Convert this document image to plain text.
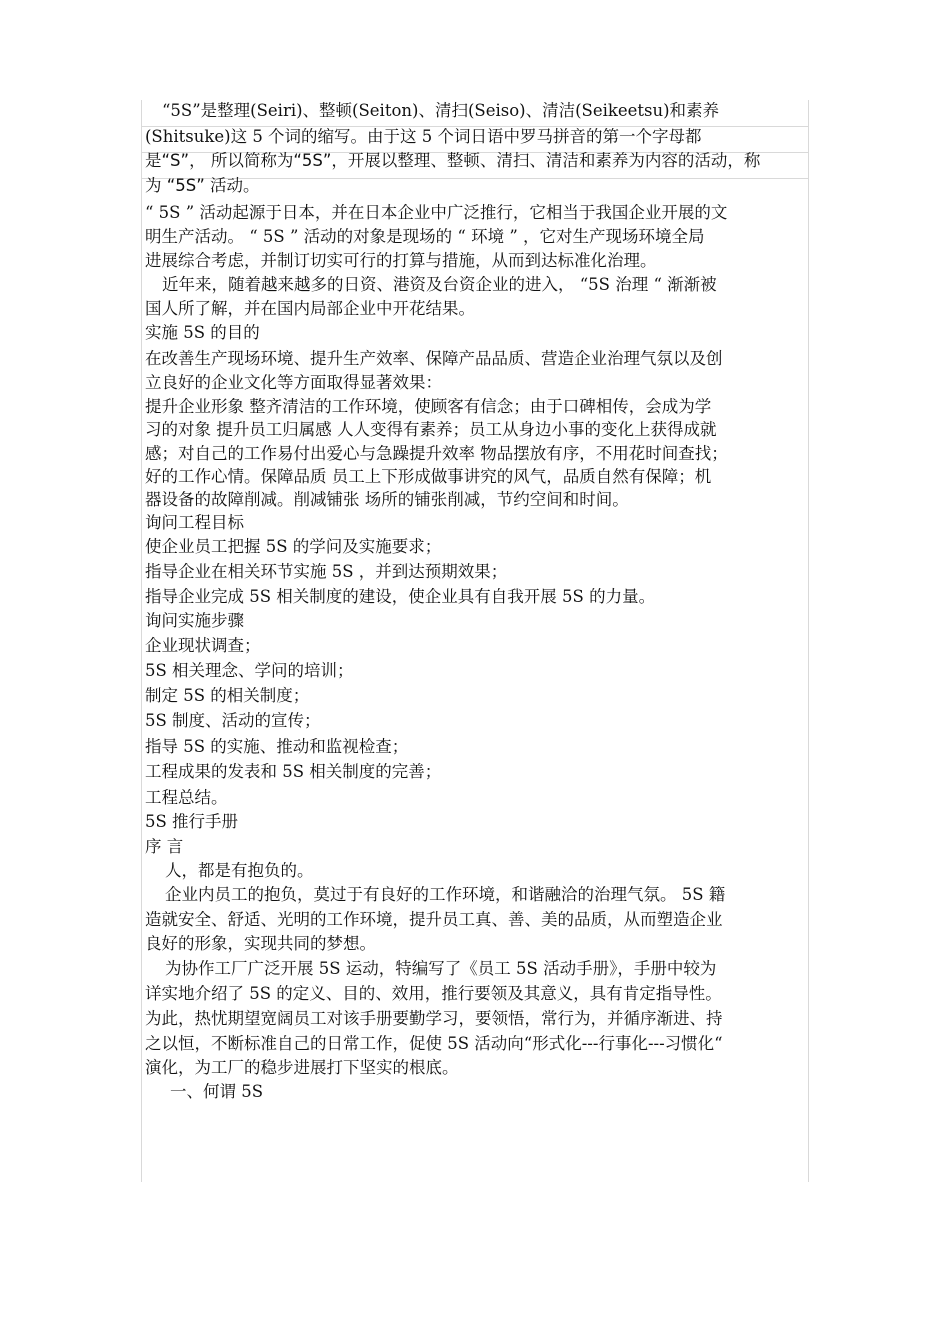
“5S”是整理(Seiri)、整顿(Seiton)、清扫(Seiso)、清洁(Seikeetsu)和素养
(Shitsuke)这 5 个词的缩写。由于这 5 个词日语中罗马拼音的第一个字母都
是“S”， 所以简称为“5S”，开展以整理、整顿、清扫、清洁和素养为内容的活动，称
为 “5S” 活动。
“ 5S ” 活动起源于日本，并在日本企业中广泛推行，它相当于我国企业开展的文
明生产活动。 “ 5S ” 活动的对象是现场的 “ 环境 ” ，它对生产现场环境全局
进展综合考虑，并制订切实可行的打算与措施，从而到达标准化治理。
近年来，随着越来越多的日资、港资及台资企业的进入， “5S 治理 “ 渐渐被
国人所了解，并在国内局部企业中开花结果。
实施 5S 的目的
在改善生产现场环境、提升生产效率、保障产品品质、营造企业治理气氛以及创
立良好的企业文化等方面取得显著效果：
提升企业形象 整齐清洁的工作环境，使顾客有信念；由于口碑相传，会成为学
习的对象 提升员工归属感 人人变得有素养；员工从身边小事的变化上获得成就
感；对自己的工作易付出爱心与急躁提升效率 物品摆放有序，不用花时间查找；
好的工作心情。保障品质 员工上下形成做事讲究的风气，品质自然有保障；机
器设备的故障削减。削减铺张 场所的铺张削减，节约空间和时间。
询问工程目标
使企业员工把握 5S 的学问及实施要求；
指导企业在相关环节实施 5S ，并到达预期效果；
指导企业完成 5S 相关制度的建设，使企业具有自我开展 5S 的力量。
询问实施步骤
企业现状调查；
5S 相关理念、学问的培训；
制定 5S 的相关制度；
5S 制度、活动的宣传；
指导 5S 的实施、推动和监视检查；
工程成果的发表和 5S 相关制度的完善；
工程总结。
5S 推行手册
序 言
人，都是有抱负的。
企业内员工的抱负，莫过于有良好的工作环境，和谐融洽的治理气氛。 5S 籍
造就安全、舒适、光明的工作环境，提升员工真、善、美的品质，从而塑造企业
良好的形象，实现共同的梦想。
为协作工厂广泛开展 5S 运动，特编写了《员工 5S 活动手册》，手册中较为
详实地介绍了 5S 的定义、目的、效用，推行要领及其意义，具有肯定指导性。
为此，热忧期望宽阔员工对该手册要勤学习，要领悟，常行为，并循序渐进、持
之以恒，不断标准自己的日常工作，促使 5S 活动向“形式化---行事化---习惯化“
演化，为工厂的稳步进展打下坚实的根底。
一、何谓 5S
